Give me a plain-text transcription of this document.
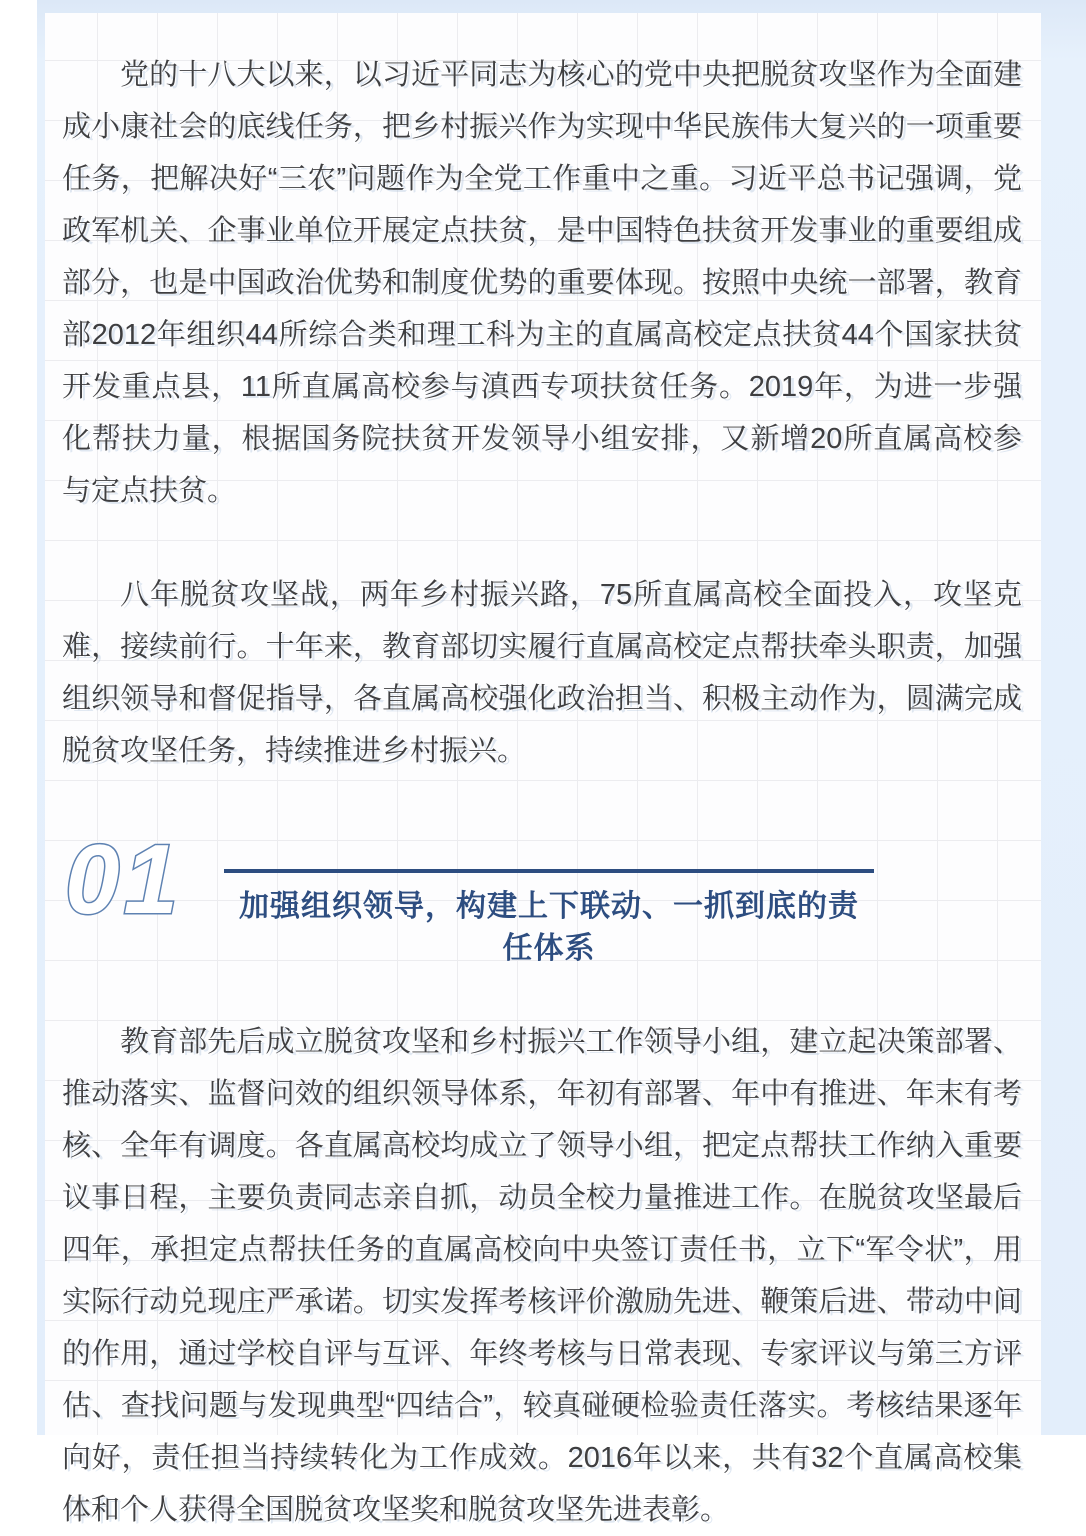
党的十八大以来，以习近平同志为核心的党中央把脱贫攻坚作为全面建成小康社会的底线任务，把乡村振兴作为实现中华民族伟大复兴的一项重要任务，把解决好“三农”问题作为全党工作重中之重。习近平总书记强调，党政军机关、企事业单位开展定点扶贫，是中国特色扶贫开发事业的重要组成部分，也是中国政治优势和制度优势的重要体现。按照中央统一部署，教育部2012年组织44所综合类和理工科为主的直属高校定点扶贫44个国家扶贫开发重点县，11所直属高校参与滇西专项扶贫任务。2019年，为进一步强化帮扶力量，根据国务院扶贫开发领导小组安排，又新增20所直属高校参与定点扶贫。

八年脱贫攻坚战，两年乡村振兴路，75所直属高校全面投入，攻坚克难，接续前行。十年来，教育部切实履行直属高校定点帮扶牵头职责，加强组织领导和督促指导，各直属高校强化政治担当、积极主动作为，圆满完成脱贫攻坚任务，持续推进乡村振兴。

01	加强组织领导，构建上下联动、一抓到底的责任体系

教育部先后成立脱贫攻坚和乡村振兴工作领导小组，建立起决策部署、推动落实、监督问效的组织领导体系，年初有部署、年中有推进、年末有考核、全年有调度。各直属高校均成立了领导小组，把定点帮扶工作纳入重要议事日程，主要负责同志亲自抓，动员全校力量推进工作。在脱贫攻坚最后四年，承担定点帮扶任务的直属高校向中央签订责任书，立下“军令状”，用实际行动兑现庄严承诺。切实发挥考核评价激励先进、鞭策后进、带动中间的作用，通过学校自评与互评、年终考核与日常表现、专家评议与第三方评估、查找问题与发现典型“四结合”，较真碰硬检验责任落实。考核结果逐年向好，责任担当持续转化为工作成效。2016年以来，共有32个直属高校集体和个人获得全国脱贫攻坚奖和脱贫攻坚先进表彰。
